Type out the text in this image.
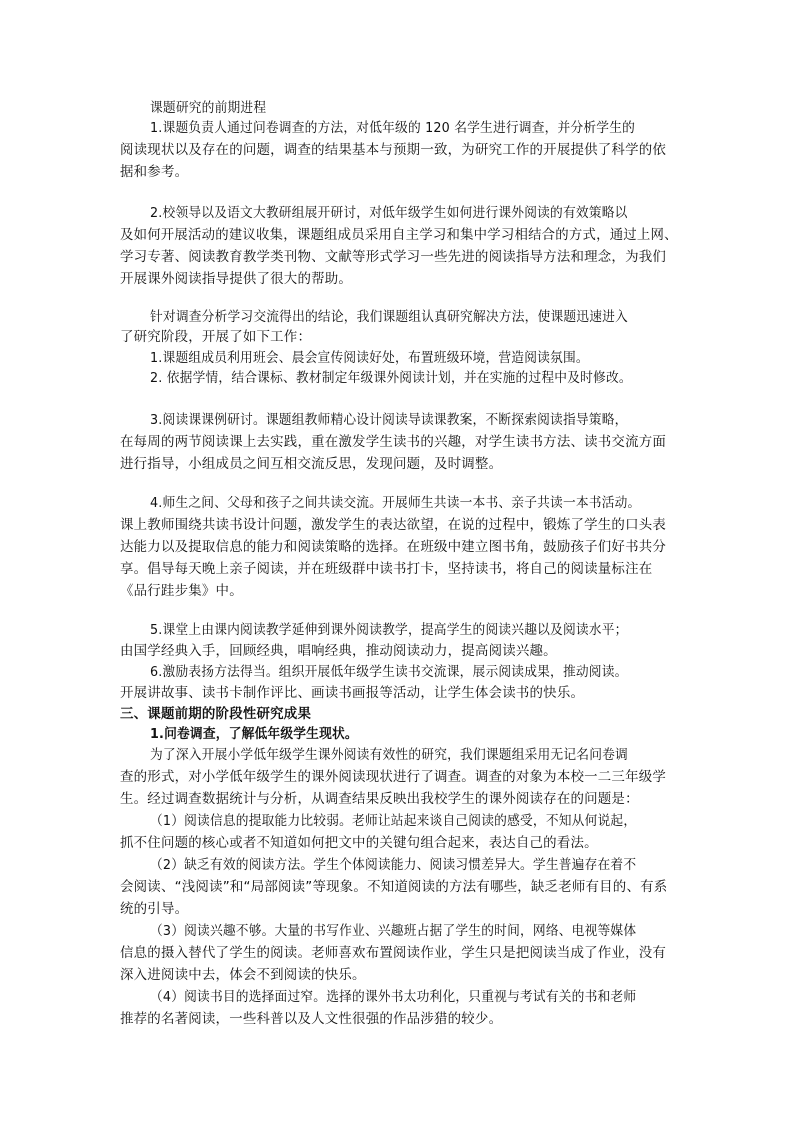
课题研究的前期进程
1.课题负责人通过问卷调查的方法，对低年级的 120 名学生进行调查，并分析学生的
阅读现状以及存在的问题，调查的结果基本与预期一致，为研究工作的开展提供了科学的依
据和参考。
2.校领导以及语文大教研组展开研讨，对低年级学生如何进行课外阅读的有效策略以
及如何开展活动的建议收集，课题组成员采用自主学习和集中学习相结合的方式，通过上网、
学习专著、阅读教育教学类刊物、文献等形式学习一些先进的阅读指导方法和理念，为我们
开展课外阅读指导提供了很大的帮助。
针对调查分析学习交流得出的结论，我们课题组认真研究解决方法，使课题迅速进入
了研究阶段，开展了如下工作：
1.课题组成员利用班会、晨会宣传阅读好处，布置班级环境，营造阅读氛围。
2. 依据学情，结合课标、教材制定年级课外阅读计划，并在实施的过程中及时修改。
3.阅读课课例研讨。课题组教师精心设计阅读导读课教案，不断探索阅读指导策略，
在每周的两节阅读课上去实践，重在激发学生读书的兴趣，对学生读书方法、读书交流方面
进行指导，小组成员之间互相交流反思，发现问题，及时调整。
4.师生之间、父母和孩子之间共读交流。开展师生共读一本书、亲子共读一本书活动。
课上教师围绕共读书设计问题，激发学生的表达欲望，在说的过程中，锻炼了学生的口头表
达能力以及提取信息的能力和阅读策略的选择。在班级中建立图书角，鼓励孩子们好书共分
享。倡导每天晚上亲子阅读，并在班级群中读书打卡，坚持读书，将自己的阅读量标注在
《品行跬步集》中。
5.课堂上由课内阅读教学延伸到课外阅读教学，提高学生的阅读兴趣以及阅读水平；
由国学经典入手，回顾经典，唱响经典，推动阅读动力，提高阅读兴趣。
6.激励表扬方法得当。组织开展低年级学生读书交流课，展示阅读成果，推动阅读。
开展讲故事、读书卡制作评比、画读书画报等活动，让学生体会读书的快乐。
三、课题前期的阶段性研究成果
1.问卷调查，了解低年级学生现状。
为了深入开展小学低年级学生课外阅读有效性的研究，我们课题组采用无记名问卷调
查的形式，对小学低年级学生的课外阅读现状进行了调查。调查的对象为本校一二三年级学
生。经过调查数据统计与分析，从调查结果反映出我校学生的课外阅读存在的问题是：
（1）阅读信息的提取能力比较弱。老师让站起来谈自己阅读的感受，不知从何说起，
抓不住问题的核心或者不知道如何把文中的关键句组合起来，表达自己的看法。
（2）缺乏有效的阅读方法。学生个体阅读能力、阅读习惯差异大。学生普遍存在着不
会阅读、“浅阅读”和“局部阅读”等现象。不知道阅读的方法有哪些，缺乏老师有目的、有系
统的引导。
（3）阅读兴趣不够。大量的书写作业、兴趣班占据了学生的时间，网络、电视等媒体
信息的摄入替代了学生的阅读。老师喜欢布置阅读作业，学生只是把阅读当成了作业，没有
深入进阅读中去，体会不到阅读的快乐。
（4）阅读书目的选择面过窄。选择的课外书太功利化，只重视与考试有关的书和老师
推荐的名著阅读，一些科普以及人文性很强的作品涉猎的较少。
